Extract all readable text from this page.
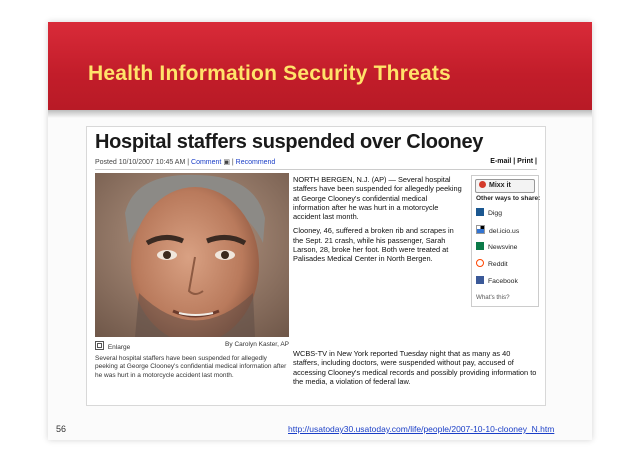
Health Information Security Threats
Hospital staffers suspended over Clooney
Posted 10/10/2007 10:45 AM | Comment ▣ | Recommend	E-mail | Print |
Enlarge	By Carolyn Kaster, AP
Several hospital staffers have been suspended for allegedly peeking at George Clooney's confidential medical information after he was hurt in a motorcycle accident last month.

NORTH BERGEN, N.J. (AP) — Several hospital staffers have been suspended for allegedly peeking at George Clooney's confidential medical information after he was hurt in a motorcycle accident last month.

Clooney, 46, suffered a broken rib and scrapes in the Sept. 21 crash, while his passenger, Sarah Larson, 28, broke her foot. Both were treated at Palisades Medical Center in North Bergen.

WCBS-TV in New York reported Tuesday night that as many as 40 staffers, including doctors, were suspended without pay, accused of accessing Clooney's medical records and possibly providing information to the media, a violation of federal law.

Mixx it
Other ways to share:
Digg
del.icio.us
Newsvine
Reddit
Facebook
What's this?
56	http://usatoday30.usatoday.com/life/people/2007-10-10-clooney_N.htm
